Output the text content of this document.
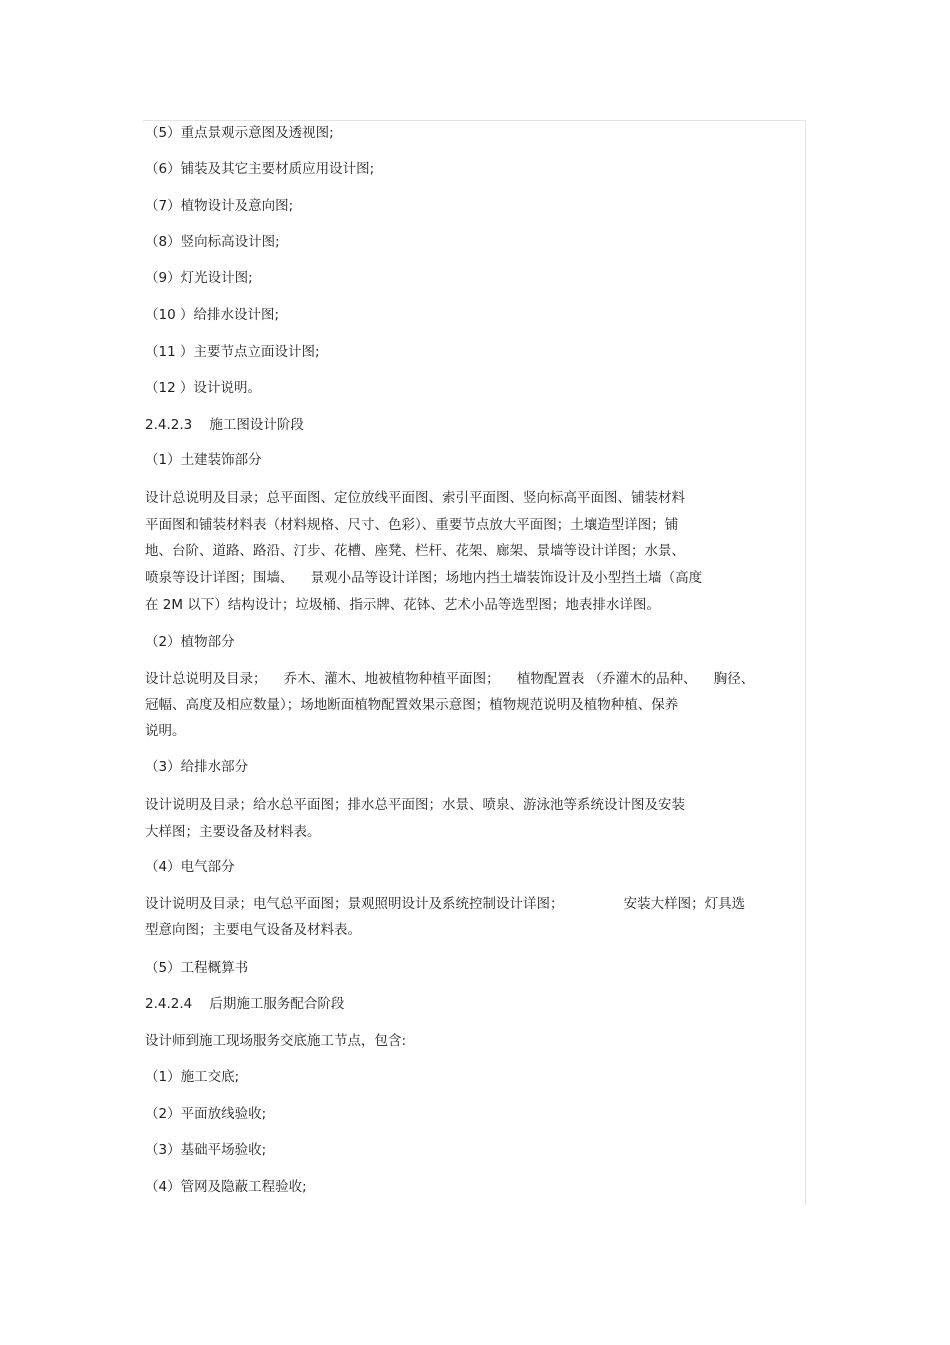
（5）重点景观示意图及透视图;
（6）铺装及其它主要材质应用设计图;
（7）植物设计及意向图;
（8）竖向标高设计图;
（9）灯光设计图;
（10 ）给排水设计图;
（11 ）主要节点立面设计图;
（12 ）设计说明。
2.4.2.3    施工图设计阶段
（1）土建装饰部分
设计总说明及目录；总平面图、定位放线平面图、索引平面图、竖向标高平面图、铺装材料
平面图和铺装材料表（材料规格、尺寸、色彩）、重要节点放大平面图；土壤造型详图；铺
地、台阶、道路、路沿、汀步、花槽、座凳、栏杆、花架、廊架、景墙等设计详图；水景、
喷泉等设计详图；围墙、    景观小品等设计详图；场地内挡土墙装饰设计及小型挡土墙（高度
在 2M 以下）结构设计；垃圾桶、指示牌、花钵、艺术小品等选型图；地表排水详图。
（2）植物部分
设计总说明及目录；    乔木、灌木、地被植物种植平面图；    植物配置表 （乔灌木的品种、    胸径、
冠幅、高度及相应数量）；场地断面植物配置效果示意图；植物规范说明及植物种植、保养
说明。
（3）给排水部分
设计说明及目录；给水总平面图；排水总平面图；水景、喷泉、游泳池等系统设计图及安装
大样图；主要设备及材料表。
（4）电气部分
设计说明及目录；电气总平面图；景观照明设计及系统控制设计详图；              安装大样图；灯具选
型意向图；主要电气设备及材料表。
（5）工程概算书
2.4.2.4    后期施工服务配合阶段
设计师到施工现场服务交底施工节点，包含:
（1）施工交底;
（2）平面放线验收;
（3）基础平场验收;
（4）管网及隐蔽工程验收;
